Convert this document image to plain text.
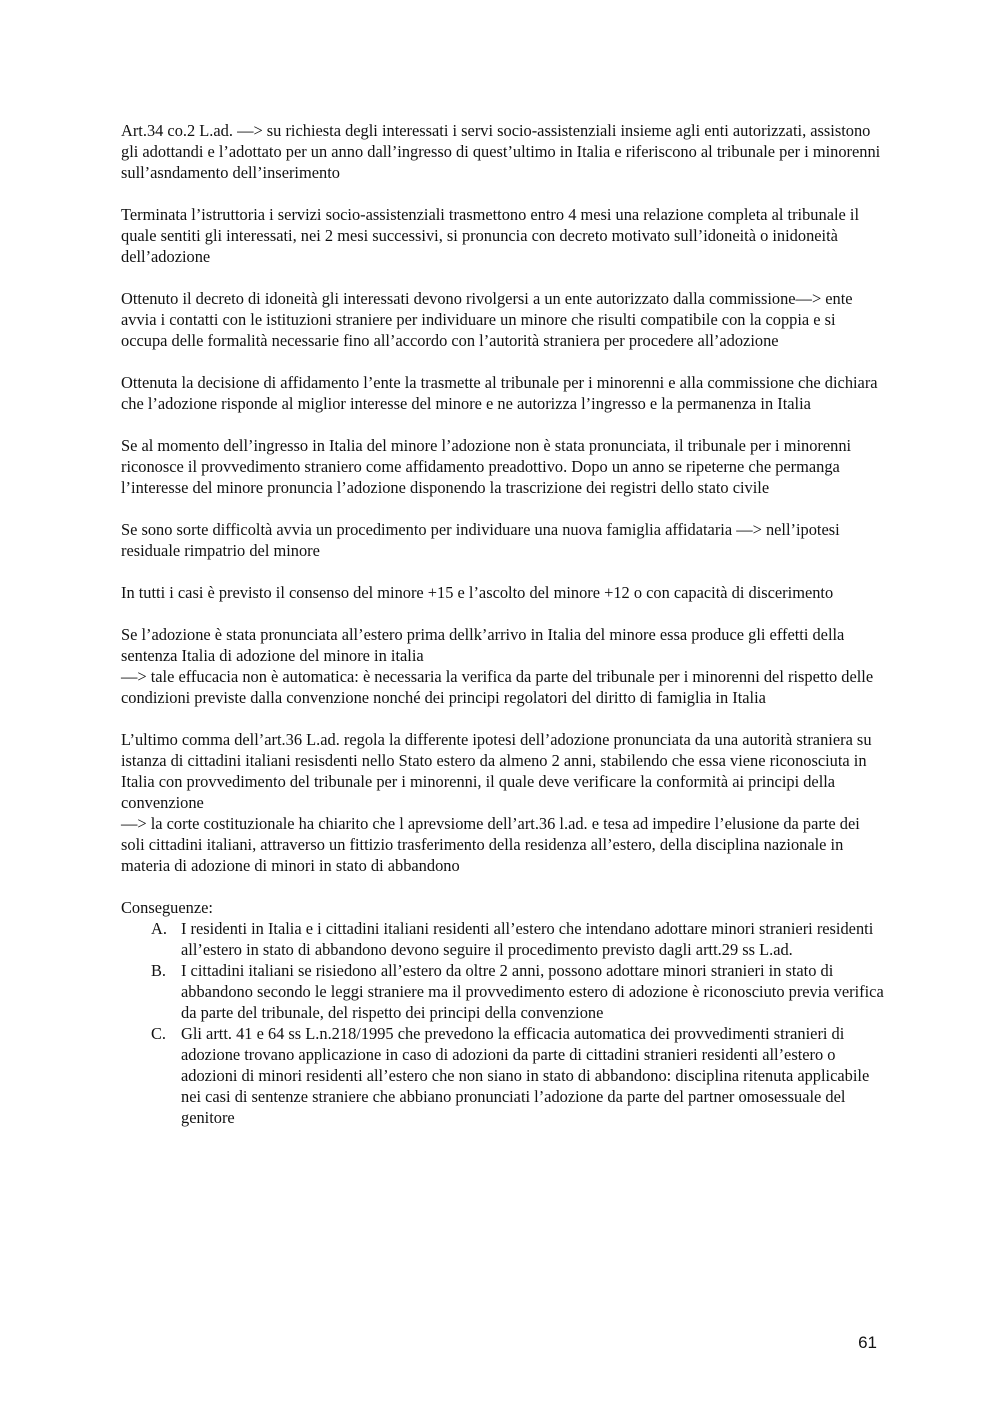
Art.34 co.2 L.ad. —> su richiesta degli interessati i servi socio-assistenziali insieme agli enti autorizzati, assistono gli adottandi e l’adottato per un anno dall’ingresso di quest’ultimo in Italia e riferiscono al tribunale per i minorenni sull’asndamento dell’inserimento

Terminata l’istruttoria i servizi socio-assistenziali trasmettono entro 4 mesi una relazione completa al tribunale il quale sentiti gli interessati, nei 2 mesi successivi, si pronuncia con decreto motivato sull’idoneità o inidoneità dell’adozione

Ottenuto il decreto di idoneità gli interessati devono rivolgersi a un ente autorizzato dalla commissione—> ente avvia i contatti con le istituzioni straniere per individuare un minore che risulti compatibile con la coppia e si occupa delle formalità necessarie fino all’accordo con l’autorità straniera per procedere all’adozione

Ottenuta la decisione di affidamento l’ente la trasmette al tribunale per i minorenni e alla commissione che dichiara che l’adozione risponde al miglior interesse del minore e ne autorizza l’ingresso e la permanenza in Italia

Se al momento dell’ingresso in Italia del minore l’adozione non è stata pronunciata, il tribunale per i minorenni riconosce il provvedimento straniero come affidamento preadottivo. Dopo un anno se ripeterne che permanga l’interesse del minore pronuncia l’adozione disponendo la trascrizione dei registri dello stato civile

Se sono sorte difficoltà avvia un procedimento per individuare una nuova famiglia affidataria —> nell’ipotesi residuale rimpatrio del minore

In tutti i casi è previsto il consenso del minore +15 e l’ascolto del minore +12 o con capacità di discerimento

Se l’adozione è stata pronunciata all’estero prima dellk’arrivo in Italia del minore essa produce gli effetti della sentenza Italia di adozione del minore in italia
—> tale effucacia non è automatica: è necessaria la verifica da parte del tribunale per i minorenni del rispetto delle condizioni previste dalla convenzione nonché dei principi regolatori del diritto di famiglia in Italia

L’ultimo comma dell’art.36 L.ad. regola la differente ipotesi dell’adozione pronunciata da una autorità straniera su istanza di cittadini italiani resisdenti nello Stato estero da almeno 2 anni, stabilendo che essa viene riconosciuta in Italia con provvedimento del tribunale per i minorenni, il quale deve verificare la conformità ai principi della convenzione
—> la corte costituzionale ha chiarito che l aprevsiome dell’art.36 l.ad. e tesa ad impedire l’elusione da parte dei soli cittadini italiani, attraverso un fittizio trasferimento della residenza all’estero, della disciplina nazionale in materia di adozione di minori in stato di abbandono

Conseguenze:

A. I residenti in Italia e i cittadini italiani residenti all’estero che intendano adottare minori stranieri residenti all’estero in stato di abbandono devono seguire il procedimento previsto dagli artt.29 ss L.ad.
B. I cittadini italiani se risiedono all’estero da oltre 2 anni, possono adottare minori stranieri in stato di abbandono secondo le leggi straniere ma il provvedimento estero di adozione è riconosciuto previa verifica da parte del tribunale, del rispetto dei principi della convenzione
C. Gli artt. 41 e 64 ss L.n.218/1995 che prevedono la efficacia automatica dei provvedimenti stranieri di adozione trovano applicazione in caso di adozioni da parte di cittadini stranieri residenti all’estero o adozioni di minori residenti all’estero che non siano in stato di abbandono: disciplina ritenuta applicabile nei casi di sentenze straniere che abbiano pronunciati l’adozione da parte del partner omosessuale del genitore
61
